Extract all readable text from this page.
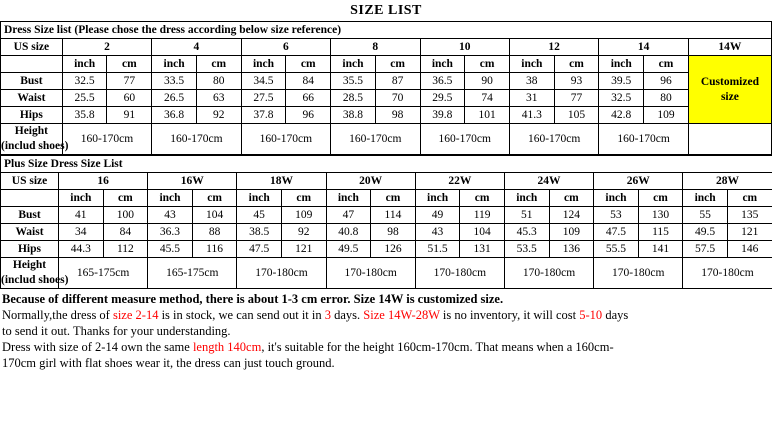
SIZE LIST
Dress Size list (Please chose the dress according below size reference)															
US size	2		4		6		8		10		12		14		14W
	inch	cm	inch	cm	inch	cm	inch	cm	inch	cm	inch	cm	inch	cm	Customized
size
Bust	32.5	77	33.5	80	34.5	84	35.5	87	36.5	90	38	93	39.5	96	
Waist	25.5	60	26.5	63	27.5	66	28.5	70	29.5	74	31	77	32.5	80	
Hips	35.8	91	36.8	92	37.8	96	38.8	98	39.8	101	41.3	105	42.8	109	
Height
(includ shoes)	160-170cm		160-170cm		160-170cm		160-170cm		160-170cm		160-170cm		160-170cm		
Plus Size Dress Size List																
US size	16		16W		18W		20W		22W		24W		26W		28W	
	inch	cm	inch	cm	inch	cm	inch	cm	inch	cm	inch	cm	inch	cm	inch	cm
Bust	41	100	43	104	45	109	47	114	49	119	51	124	53	130	55	135
Waist	34	84	36.3	88	38.5	92	40.8	98	43	104	45.3	109	47.5	115	49.5	121
Hips	44.3	112	45.5	116	47.5	121	49.5	126	51.5	131	53.5	136	55.5	141	57.5	146
Height
(includ shoes)	165-175cm		165-175cm		170-180cm		170-180cm		170-180cm		170-180cm		170-180cm		170-180cm	
Because of different measure method, there is about 1-3 cm error. Size 14W is customized size.
Normally,the dress of size 2-14 is in stock, we can send out it in 3 days. Size 14W-28W is no inventory, it will cost 5-10 days
to send it out. Thanks for your understanding.
Dress with size of 2-14 own the same length 140cm, it's suitable for the height 160cm-170cm. That means when a 160cm-
170cm girl with flat shoes wear it, the dress can just touch ground.
